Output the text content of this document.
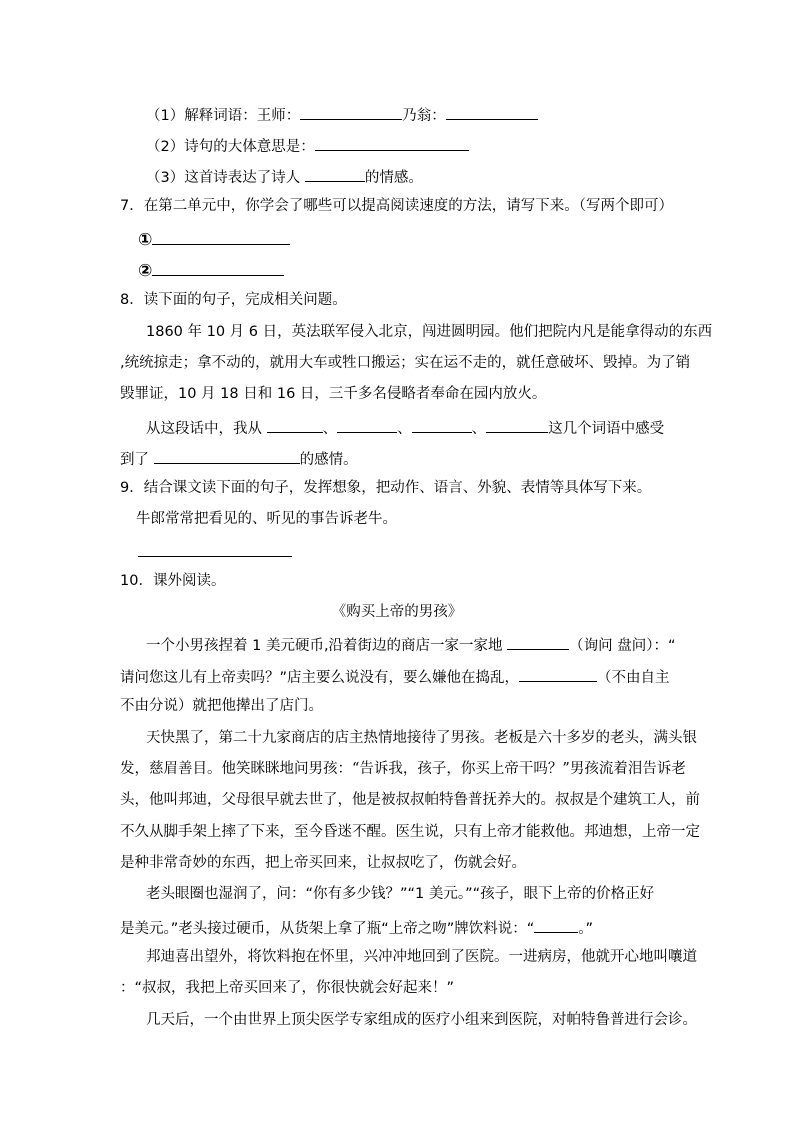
（1）解释词语：王师：	乃翁：
（2）诗句的大体意思是：
（3）这首诗表达了诗人	的情感。
7．在第二单元中，你学会了哪些可以提高阅读速度的方法，请写下来。（写两个即可）
①
②
8．读下面的句子，完成相关问题。
1860 年 10 月 6 日，英法联军侵入北京，闯进圆明园。他们把院内凡是能拿得动的东西
,统统掠走；拿不动的，就用大车或牲口搬运；实在运不走的，就任意破坏、毁掉。为了销
毁罪证，10 月 18 日和 16 日，三千多名侵略者奉命在园内放火。
从这段话中，我从	、	、	、	这几个词语中感受
到了	的感情。
9．结合课文读下面的句子，发挥想象，把动作、语言、外貌、表情等具体写下来。
牛郎常常把看见的、听见的事告诉老牛。
10．课外阅读。
《购买上帝的男孩》
一个小男孩捏着 1 美元硬币,沿着街边的商店一家一家地	（询问 盘问）：“
请问您这儿有上帝卖吗？”店主要么说没有，要么嫌他在捣乱，	（不由自主
不由分说）就把他撵出了店门。
天快黑了，第二十九家商店的店主热情地接待了男孩。老板是六十多岁的老头，满头银
发，慈眉善目。他笑眯眯地问男孩：“告诉我，孩子，你买上帝干吗？”男孩流着泪告诉老
头，他叫邦迪，父母很早就去世了，他是被叔叔帕特鲁普抚养大的。叔叔是个建筑工人，前
不久从脚手架上摔了下来，至今昏迷不醒。医生说，只有上帝才能救他。邦迪想，上帝一定
是种非常奇妙的东西，把上帝买回来，让叔叔吃了，伤就会好。
老头眼圈也湿润了，问：“你有多少钱？”“1 美元。”“孩子，眼下上帝的价格正好
是美元。”老头接过硬币，从货架上拿了瓶“上帝之吻”牌饮料说：“	。”
邦迪喜出望外，将饮料抱在怀里，兴冲冲地回到了医院。一进病房，他就开心地叫嚷道
：“叔叔，我把上帝买回来了，你很快就会好起来！”
几天后，一个由世界上顶尖医学专家组成的医疗小组来到医院，对帕特鲁普进行会诊。
